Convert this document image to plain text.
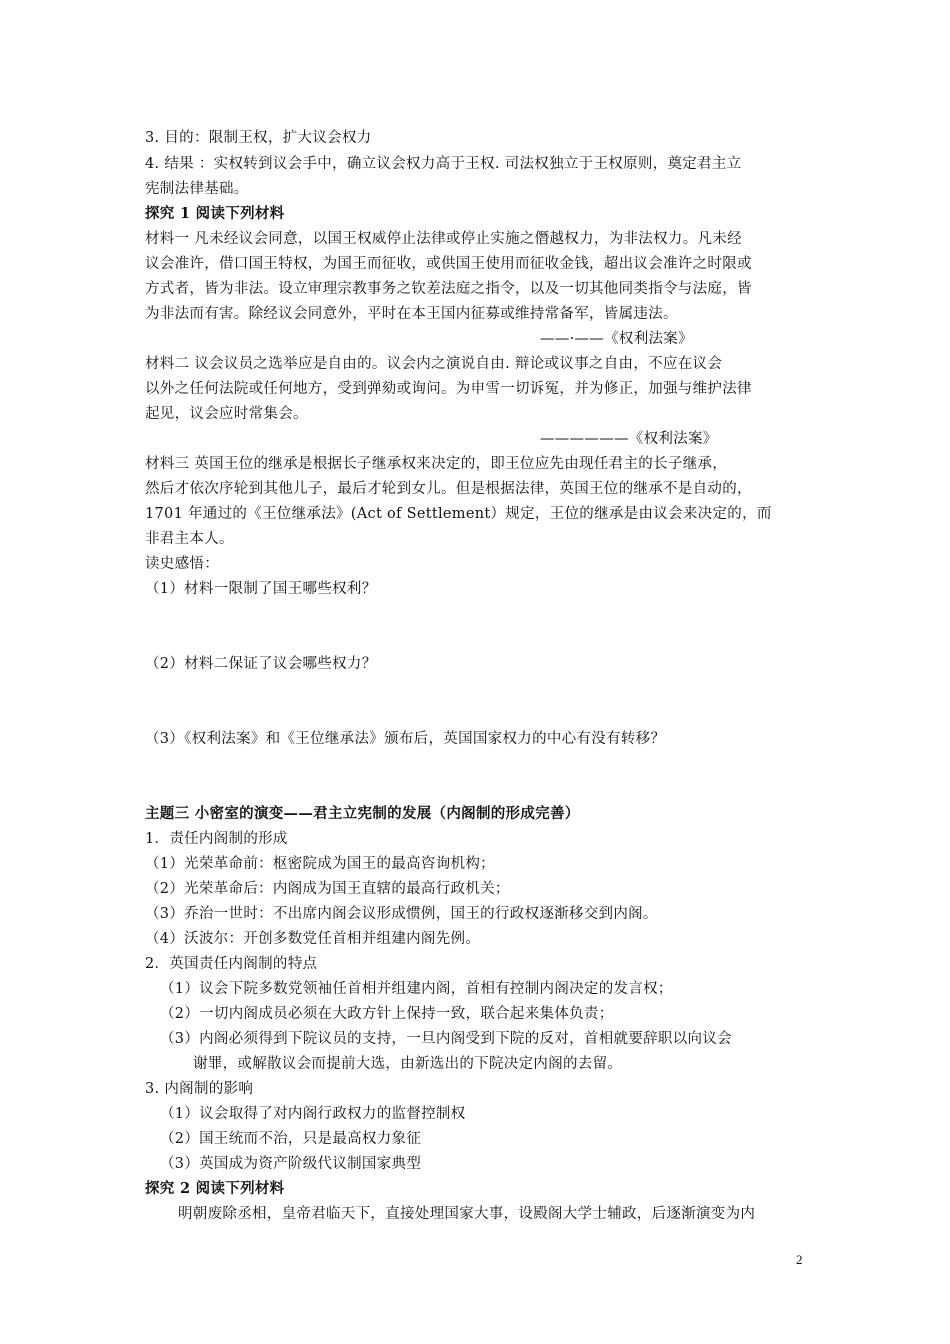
3. 目的：限制王权，扩大议会权力
4. 结果 ：实权转到议会手中，确立议会权力高于王权. 司法权独立于王权原则，奠定君主立
宪制法律基础。
探究 1 阅读下列材料
材料一 凡未经议会同意，以国王权威停止法律或停止实施之僭越权力，为非法权力。凡未经
议会准许，借口国王特权，为国王而征收，或供国王使用而征收金钱，超出议会准许之时限或
方式者，皆为非法。设立审理宗教事务之钦差法庭之指令，以及一切其他同类指令与法庭，皆
为非法而有害。除经议会同意外，平时在本王国内征募或维持常备军，皆属违法。
——·——《权利法案》
材料二 议会议员之选举应是自由的。议会内之演说自由. 辩论或议事之自由，不应在议会
以外之任何法院或任何地方，受到弹劾或询问。为申雪一切诉冤，并为修正，加强与维护法律
起见，议会应时常集会。
——————《权利法案》
材料三 英国王位的继承是根据长子继承权来决定的，即王位应先由现任君主的长子继承，
然后才依次序轮到其他儿子，最后才轮到女儿。但是根据法律，英国王位的继承不是自动的，
1701 年通过的《王位继承法》(Act of Settlement）规定，王位的继承是由议会来决定的，而
非君主本人。
读史感悟：
（1）材料一限制了国王哪些权利？
（2）材料二保证了议会哪些权力？
（3）《权利法案》和《王位继承法》颁布后，英国国家权力的中心有没有转移？
主题三 小密室的演变——君主立宪制的发展（内阁制的形成完善）
1．责任内阁制的形成
（1）光荣革命前：枢密院成为国王的最高咨询机构；
（2）光荣革命后：内阁成为国王直辖的最高行政机关；
（3）乔治一世时：不出席内阁会议形成惯例，国王的行政权逐渐移交到内阁。
（4）沃波尔：开创多数党任首相并组建内阁先例。
2．英国责任内阁制的特点
（1）议会下院多数党领袖任首相并组建内阁，首相有控制内阁决定的发言权；
（2）一切内阁成员必须在大政方针上保持一致，联合起来集体负责；
（3）内阁必须得到下院议员的支持，一旦内阁受到下院的反对，首相就要辞职以向议会
谢罪，或解散议会而提前大选，由新选出的下院决定内阁的去留。
3. 内阁制的影响
（1）议会取得了对内阁行政权力的监督控制权
（2）国王统而不治，只是最高权力象征
（3）英国成为资产阶级代议制国家典型
探究 2 阅读下列材料
明朝废除丞相，皇帝君临天下，直接处理国家大事，设殿阁大学士辅政，后逐渐演变为内
2
